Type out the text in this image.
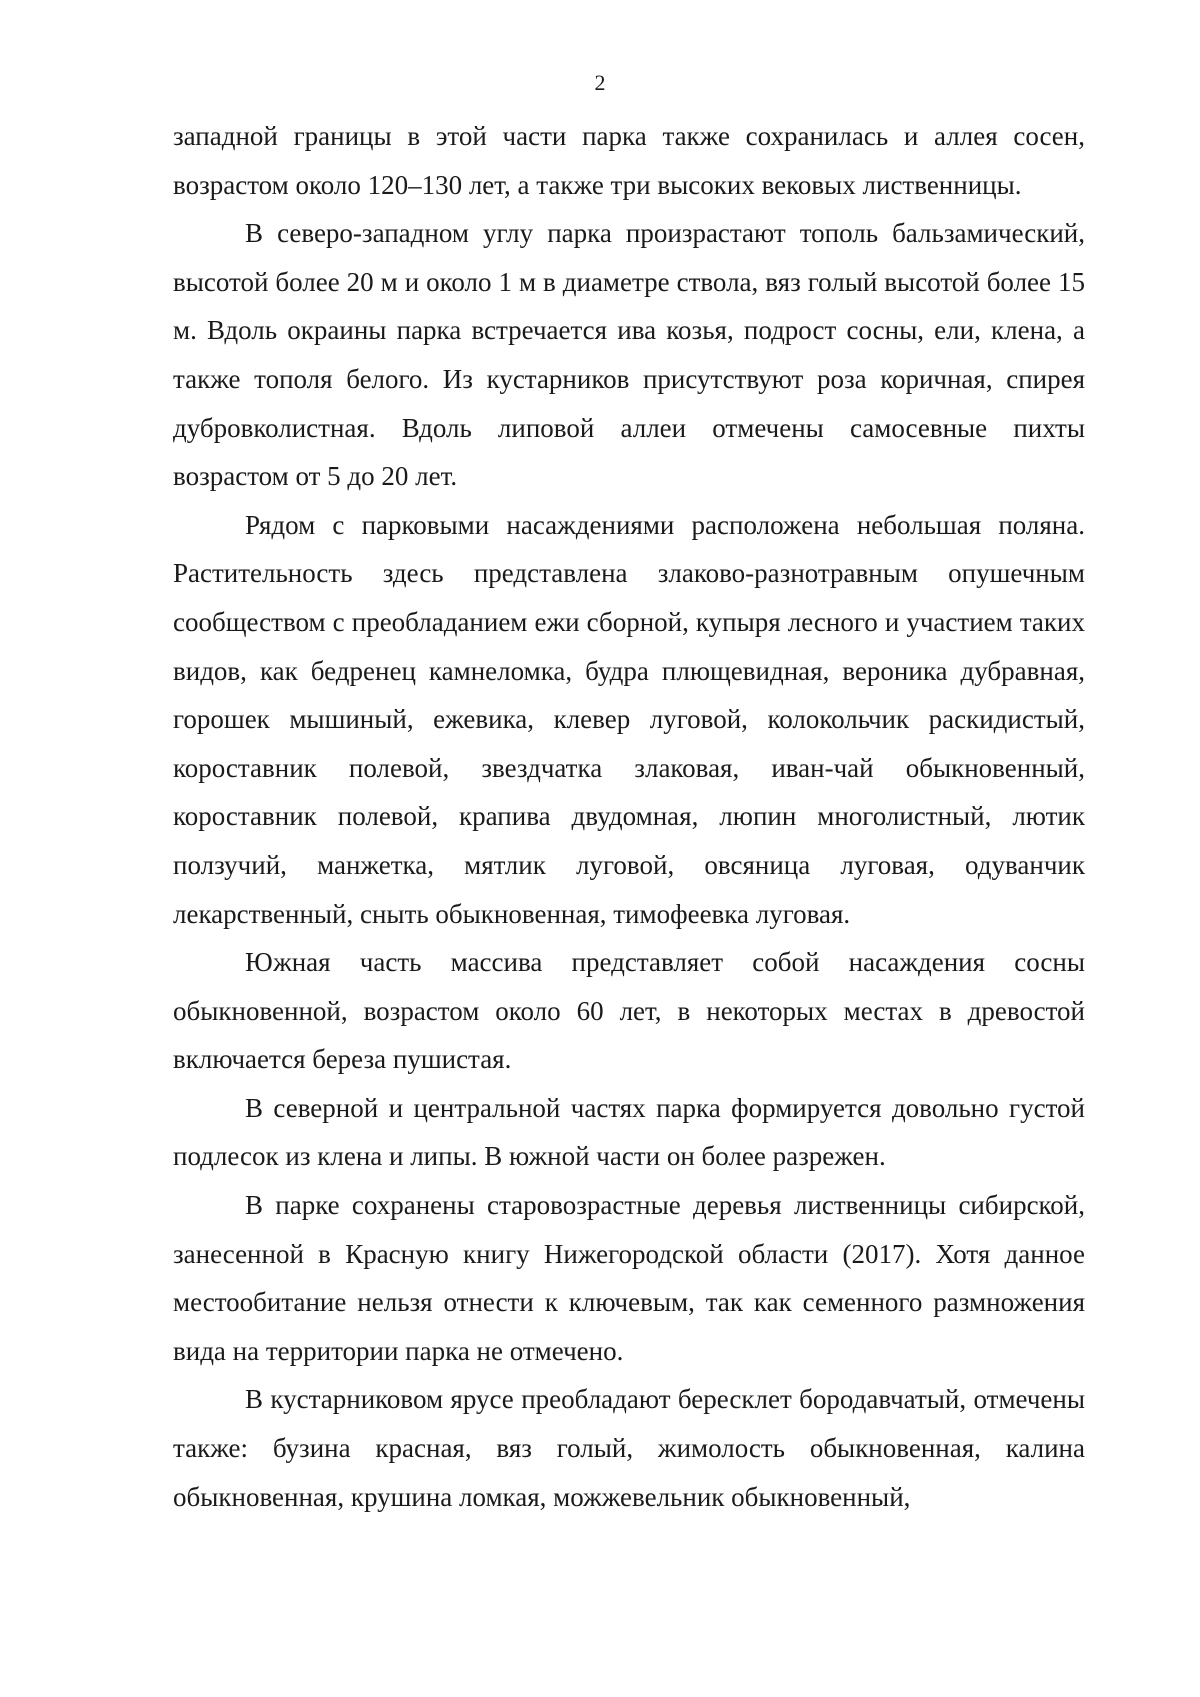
2

западной границы в этой части парка также сохранилась и аллея сосен, возрастом около 120–130 лет, а также три высоких вековых лиственницы.

В северо-западном углу парка произрастают тополь бальзамический, высотой более 20 м и около 1 м в диаметре ствола, вяз голый высотой более 15 м. Вдоль окраины парка встречается ива козья, подрост сосны, ели, клена, а также тополя белого. Из кустарников присутствуют роза коричная, спирея дубровколистная. Вдоль липовой аллеи отмечены самосевные пихты возрастом от 5 до 20 лет.

Рядом с парковыми насаждениями расположена небольшая поляна. Растительность здесь представлена злаково-разнотравным опушечным сообществом с преобладанием ежи сборной, купыря лесного и участием таких видов, как бедренец камнеломка, будра плющевидная, вероника дубравная, горошек мышиный, ежевика, клевер луговой, колокольчик раскидистый, короставник полевой, звездчатка злаковая, иван-чай обыкновенный, короставник полевой, крапива двудомная, люпин многолистный, лютик ползучий, манжетка, мятлик луговой, овсяница луговая, одуванчик лекарственный, сныть обыкновенная, тимофеевка луговая.

Южная часть массива представляет собой насаждения сосны обыкновенной, возрастом около 60 лет, в некоторых местах в древостой включается береза пушистая.

В северной и центральной частях парка формируется довольно густой подлесок из клена и липы. В южной части он более разрежен.

В парке сохранены старовозрастные деревья лиственницы сибирской, занесенной в Красную книгу Нижегородской области (2017). Хотя данное местообитание нельзя отнести к ключевым, так как семенного размножения вида на территории парка не отмечено.

В кустарниковом ярусе преобладают бересклет бородавчатый, отмечены также: бузина красная, вяз голый, жимолость обыкновенная, калина обыкновенная, крушина ломкая, можжевельник обыкновенный,
